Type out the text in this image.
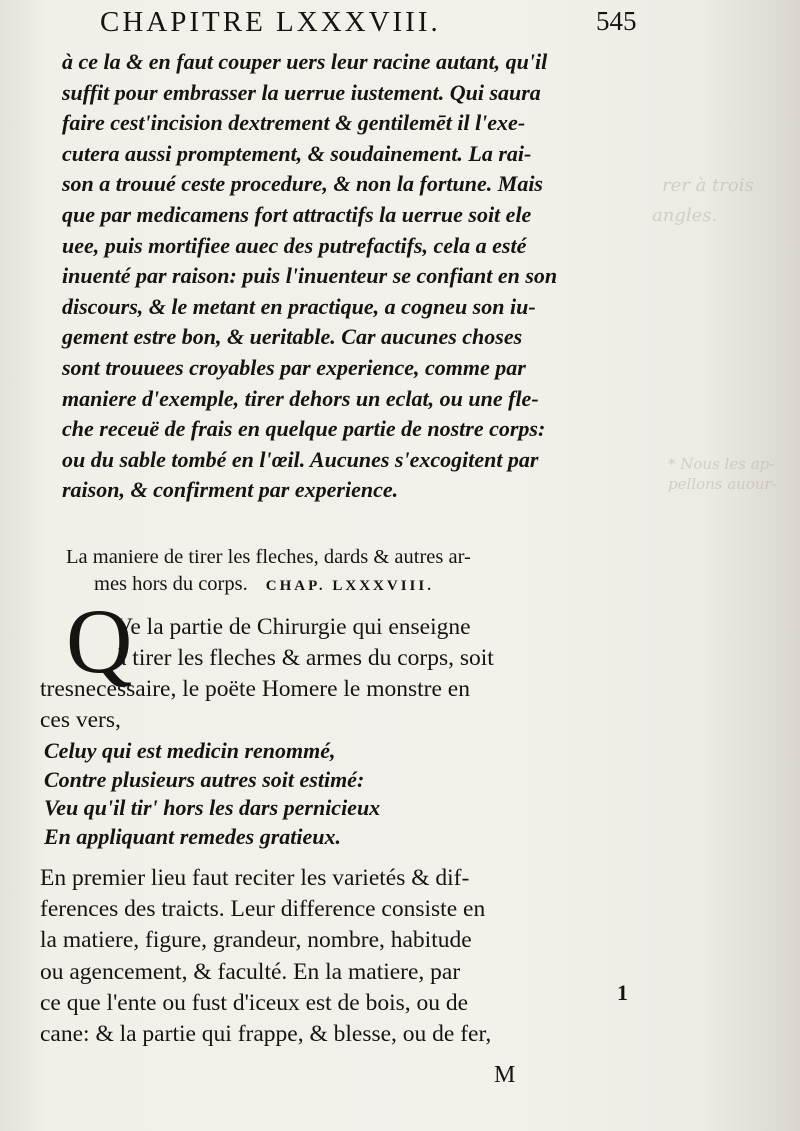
rer à trois
angles.
* Nous les ap-
pellons auour-
CHAPITRE LXXXVIII.	545
à ce la & en faut couper uers leur racine autant, qu'il
suffit pour embrasser la uerrue iustement. Qui saura
faire cest'incision dextrement & gentilemēt il l'exe-
cutera aussi promptement, & soudainement. La rai-
son a trouué ceste procedure, & non la fortune. Mais
que par medicamens fort attractifs la uerrue soit ele
uee, puis mortifiee auec des putrefactifs, cela a esté
inuenté par raison: puis l'inuenteur se confiant en son
discours, & le metant en practique, a cogneu son iu-
gement estre bon, & ueritable. Car aucunes choses
sont trouuees croyables par experience, comme par
maniere d'exemple, tirer dehors un eclat, ou une fle-
che receuë de frais en quelque partie de nostre corps:
ou du sable tombé en l'œil. Aucunes s'excogitent par
raison, & confirment par experience.
La maniere de tirer les fleches, dards & autres ar-
mes hors du corps. CHAP. LXXXVIII.
Q
Ve la partie de Chirurgie qui enseigne
à tirer les fleches & armes du corps, soit
tresnecessaire, le poëte Homere le monstre en
ces vers,
Celuy qui est medicin renommé,
Contre plusieurs autres soit estimé:
Veu qu'il tir' hors les dars pernicieux
En appliquant remedes gratieux.
En premier lieu faut reciter les varietés & dif-
ferences des traicts. Leur difference consiste en
la matiere, figure, grandeur, nombre, habitude
ou agencement, & faculté. En la matiere, par
ce que l'ente ou fust d'iceux est de bois, ou de
cane: & la partie qui frappe, & blesse, ou de fer,
1
M
